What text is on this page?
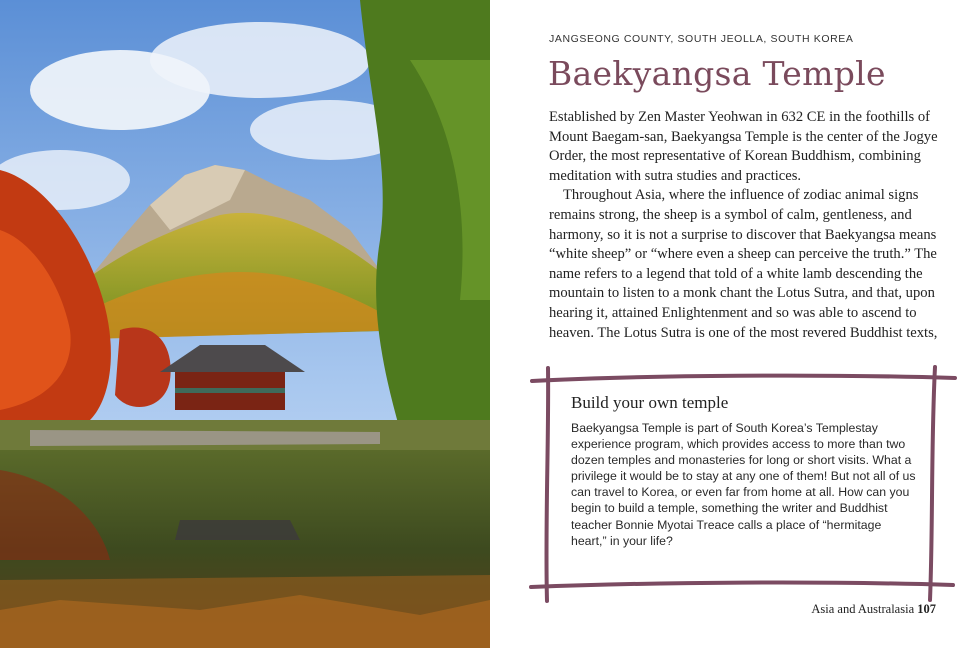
JANGSEONG COUNTY, SOUTH JEOLLA, SOUTH KOREA

Baekyangsa Temple

Established by Zen Master Yeohwan in 632 CE in the foothills of Mount Baegam-san, Baekyangsa Temple is the center of the Jogye Order, the most representative of Korean Buddhism, combining meditation with sutra studies and practices.

Throughout Asia, where the influence of zodiac animal signs remains strong, the sheep is a symbol of calm, gentleness, and harmony, so it is not a surprise to discover that Baekyangsa means “white sheep” or “where even a sheep can perceive the truth.” The name refers to a legend that told of a white lamb descending the mountain to listen to a monk chant the Lotus Sutra, and that, upon hearing it, attained Enlightenment and so was able to ascend to heaven. The Lotus Sutra is one of the most revered Buddhist texts,

Build your own temple

Baekyangsa Temple is part of South Korea’s Templestay experience program, which provides access to more than two dozen temples and monasteries for long or short visits. What a privilege it would be to stay at any one of them! But not all of us can travel to Korea, or even far from home at all. How can you begin to build a temple, something the writer and Buddhist teacher Bonnie Myotai Treace calls a place of “hermitage heart,” in your life?

Asia and Australasia 107
